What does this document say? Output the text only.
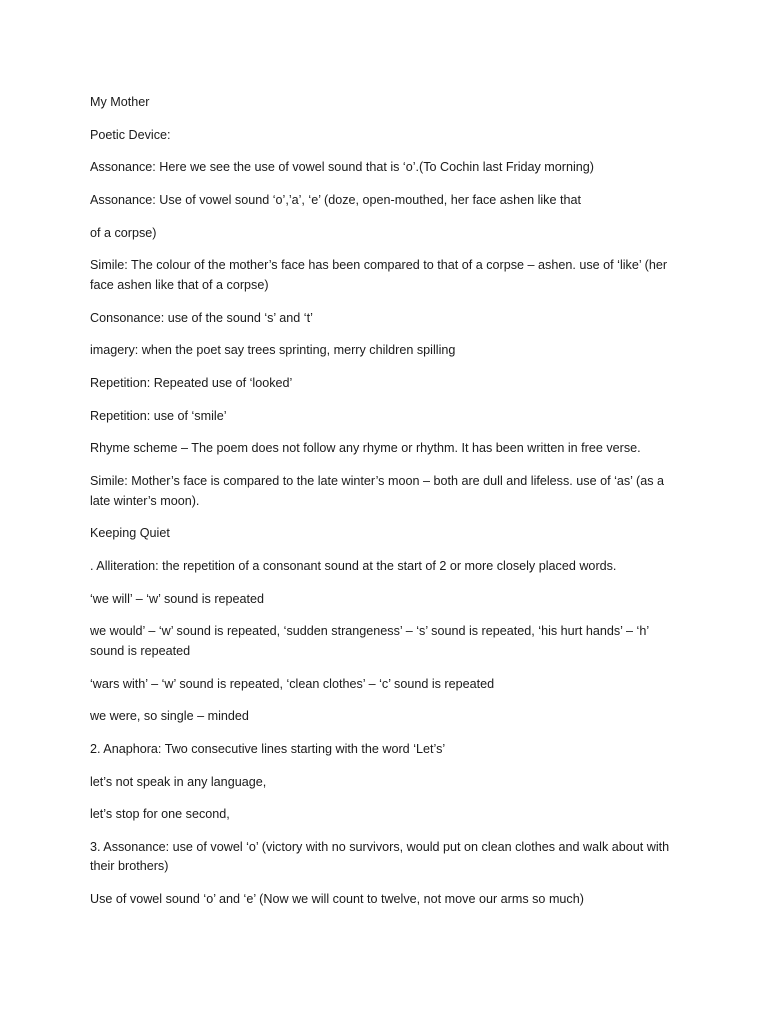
My Mother

Poetic Device:

Assonance: Here we see the use of vowel sound that is ‘o’.(To Cochin last Friday morning)

Assonance: Use of vowel sound ‘o’,’a’, ‘e’ (doze, open-mouthed, her face ashen like that

of a corpse)

Simile: The colour of the mother’s face has been compared to that of a corpse – ashen. use of ‘like’ (her face ashen like that of a corpse)

Consonance: use of the sound ‘s’ and ‘t’

imagery: when the poet say trees sprinting, merry children spilling

Repetition: Repeated use of ‘looked’

Repetition: use of ‘smile’

Rhyme scheme – The poem does not follow any rhyme or rhythm. It has been written in free verse.

Simile: Mother’s face is compared to the late winter’s moon – both are dull and lifeless. use of ‘as’ (as a late winter’s moon).

Keeping Quiet

. Alliteration: the repetition of a consonant sound at the start of 2 or more closely placed words.

‘we will’ – ‘w’ sound is repeated

we would’ – ‘w’ sound is repeated, ‘sudden strangeness’ – ‘s’ sound is repeated, ‘his hurt hands’ – ‘h’ sound is repeated

‘wars with’ – ‘w’ sound is repeated, ‘clean clothes’ – ‘c’ sound is repeated

we were, so single – minded

2. Anaphora: Two consecutive lines starting with the word ‘Let’s’

let’s not speak in any language,

let’s stop for one second,

3. Assonance: use of vowel ‘o’ (victory with no survivors, would put on clean clothes and walk about with their brothers)

Use of vowel sound ‘o’ and ‘e’ (Now we will count to twelve, not move our arms so much)
